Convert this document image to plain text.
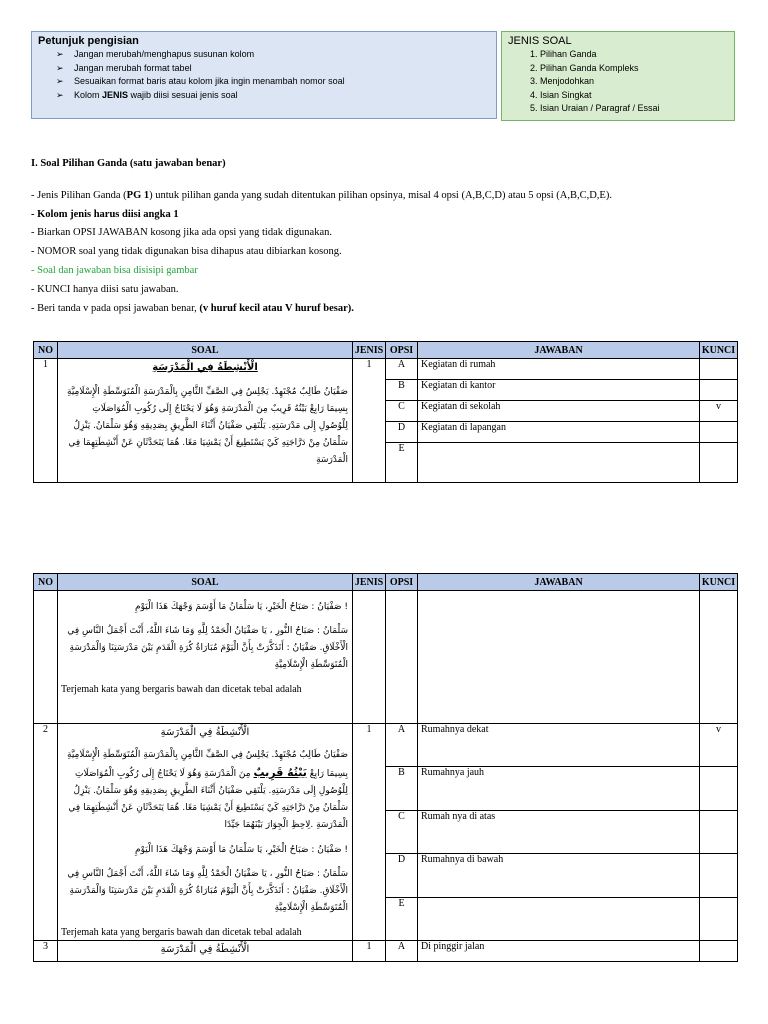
Petunjuk pengisian
➢ Jangan merubah/menghapus susunan kolom
➢ Jangan merubah format tabel
➢ Sesuaikan format baris atau kolom jika ingin menambah nomor soal
➢ Kolom JENIS wajib diisi sesuai jenis soal
JENIS SOAL
1. Pilihan Ganda
2. Pilihan Ganda Kompleks
3. Menjodohkan
4. Isian Singkat
5. Isian Uraian / Paragraf / Essai
I. Soal Pilihan Ganda (satu jawaban benar)
- Jenis Pilihan Ganda (PG 1) untuk pilihan ganda yang sudah ditentukan pilihan opsinya, misal 4 opsi (A,B,C,D) atau 5 opsi (A,B,C,D,E).
- Kolom jenis harus diisi angka 1
- Biarkan OPSI JAWABAN kosong jika ada opsi yang tidak digunakan.
- NOMOR soal yang tidak digunakan bisa dihapus atau dibiarkan kosong.
- Soal dan jawaban bisa disisipi gambar
- KUNCI hanya diisi satu jawaban.
- Beri tanda v pada opsi jawaban benar, (v huruf kecil atau V huruf besar).
NO	SOAL	JENIS	OPSI	JAWABAN	KUNCI
1	الْأَنْشِطَةُ فِي الْمَدْرَسَةِ
صَفْيَانُ طَالِبٌ مُجْتَهِدٌ. يَجْلِسُ فِي الصَّفِّ الثَّامِنِ بِالْمَدْرَسَةِ الْمُتَوَسِّطَةِ الْإِسْلَامِيَّةِ بِسِيمَا رَابِعْ بَيْتُهُ قَرِيبٌ مِنَ الْمَدْرَسَةِ وَهُوَ لَا يَحْتَاجُ إِلَى رُكُوبِ الْمُوَاصَلَاتِ لِلْوُصُولِ إِلَى مَدْرَسَتِهِ. يَلْتَقِي صَفْيَانُ أَثْنَاءَ الطَّرِيقِ بِصَدِيقِهِ وَهُوَ سَلْمَانُ. يَنْزِلُ سَلْمَانُ مِنْ دَرَّاجَتِهِ كَيْ يَسْتَطِيعَ أَنْ يَمْشِيَا مَعًا. هُمَا يَتَحَدَّثَانِ عَنْ أَنْشِطَتِهِمَا فِي الْمَدْرَسَةِ	1	A	Kegiatan di rumah	
			B	Kegiatan di kantor	
			C	Kegiatan di sekolah	v
			D	Kegiatan di lapangan	
			E		
NO	SOAL	JENIS	OPSI	JAWABAN	KUNCI

	! صَفْيَانُ : صَبَاحُ الْخَيْرِ، يَا سَلْمَانُ مَا أَوْسَمَ وَجْهَكَ هَذَا الْيَوْمِ
سَلْمَانُ : صَبَاحُ النُّورِ ، يَا صَفْيَانُ الْحَمْدُ لِلَّهِ وَمَا شَاءَ اللَّهُ، أَنْتَ أَجْمَلُ النَّاسِ فِي الْأَخْلَاقِ. صَفْيَانُ : أَتَذَكَّرَتْ بِأَنَّ الْيَوْمَ مُبَارَاةُ كُرَةِ الْقَدَمِ بَيْنَ مَدْرَسَتِنَا وَالْمَدْرَسَةِ الْمُتَوَسِّطَةِ الْإِسْلَامِيَّةِ
Terjemah kata yang bergaris bawah dan dicetak tebal adalah				

2	الْأَنْشِطَةُ فِي الْمَدْرَسَةِ
صَفْيَانُ طَالِبٌ مُجْتَهِدٌ. يَجْلِسُ فِي الصَّفِّ الثَّامِنِ بِالْمَدْرَسَةِ الْمُتَوَسِّطَةِ الْإِسْلَامِيَّةِ بِسِيمَا رَابِعْ بَيْتُهُ قَرِيبٌ مِنَ الْمَدْرَسَةِ وَهُوَ لَا يَحْتَاجُ إِلَى رُكُوبِ الْمُوَاصَلَاتِ لِلْوُصُولِ إِلَى مَدْرَسَتِهِ. يَلْتَقِي صَفْيَانُ أَثْنَاءَ الطَّرِيقِ بِصَدِيقِهِ وَهُوَ سَلْمَانُ. يَنْزِلُ سَلْمَانُ مِنْ دَرَّاجَتِهِ كَيْ يَسْتَطِيعَ أَنْ يَمْشِيَا مَعًا. هُمَا يَتَحَدَّثَانِ عَنْ أَنْشِطَتِهِمَا فِي الْمَدْرَسَةِ .لِاحِظِ الْجِوَارَ بَيْنَهُمَا جَيِّدًا
! صَفْيَانُ : صَبَاحُ الْخَيْرِ، يَا سَلْمَانُ مَا أَوْسَمَ وَجْهَكَ هَذَا الْيَوْمِ
سَلْمَانُ : صَبَاحُ النُّورِ ، يَا صَفْيَانُ الْحَمْدُ لِلَّهِ وَمَا شَاءَ اللَّهُ، أَنْتَ أَجْمَلُ النَّاسِ فِي الْأَخْلَاقِ. صَفْيَانُ : أَتَذَكَّرَتْ بِأَنَّ الْيَوْمَ مُبَارَاةُ كُرَةِ الْقَدَمِ بَيْنَ مَدْرَسَتِنَا وَالْمَدْرَسَةِ الْمُتَوَسِّطَةِ الْإِسْلَامِيَّةِ
Terjemah kata yang bergaris bawah dan dicetak tebal adalah	1	A	Rumahnya dekat	v
			B	Rumahnya jauh	
			C	Rumah nya di atas	
			D	Rumahnya di bawah	
			E		
3	الْأَنْشِطَةُ فِي الْمَدْرَسَةِ	1	A	Di pinggir jalan	
